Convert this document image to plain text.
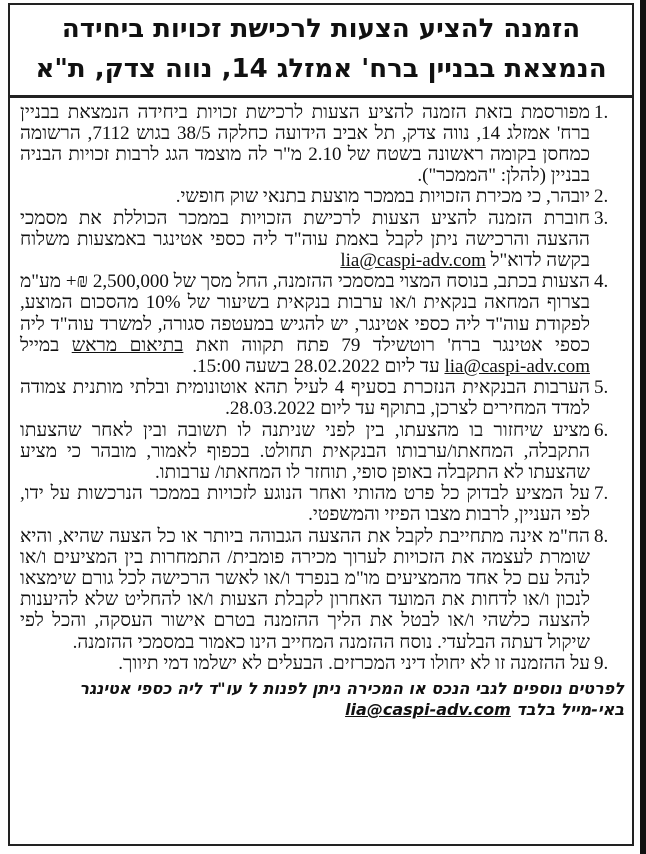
הזמנה להציע הצעות לרכישת זכויות ביחידה
הנמצאת בבניין ברח' אמזלג 14, נווה צדק, ת"א

1.
מפורסמת בזאת הזמנה להציע הצעות לרכישת זכויות ביחידה הנמצאת בבניין ברח' אמזלג 14, נווה צדק, תל אביב הידועה כחלקה 38/5 בגוש 7112, הרשומה כמחסן בקומה ראשונה בשטח של 2.10 מ"ר לה מוצמד הגג לרבות זכויות הבניה בבניין (להלן: "הממכר").

2.
יובהר, כי מכירת הזכויות בממכר מוצעת בתנאי שוק חופשי.

3.
חוברת הזמנה להציע הצעות לרכישת הזכויות בממכר הכוללת את מסמכי ההצעה והרכישה ניתן לקבל באמת עוה"ד ליה כספי אטינגר באמצעות משלוח בקשה לדוא"ל lia@caspi-adv.com

4.
הצעות בכתב, בנוסח המצוי במסמכי ההזמנה, החל מסך של 2,500,000 ₪+ מע"מ בצרוף המחאה בנקאית ו/או ערבות בנקאית בשיעור של 10% מהסכום המוצע, לפקודת עוה"ד ליה כספי אטינגר, יש להגיש במעטפה סגורה, למשרד עוה"ד ליה כספי אטינגר ברח' רוטשילד 79 פתח תקווה וזאת בתיאום מראש במייל lia@caspi-adv.com עד ליום 28.02.2022 בשעה 15:00.

5.
הערבות הבנקאית הנזכרת בסעיף 4 לעיל תהא אוטונומית ובלתי מותנית צמודה למדד המחירים לצרכן, בתוקף עד ליום 28.03.2022.

6.
מציע שיחזור בו מהצעתו, בין לפני שניתנה לו תשובה ובין לאחר שהצעתו התקבלה, המחאתו/ערבותו הבנקאית תחולט. בכפוף לאמור, מובהר כי מציע שהצעתו לא התקבלה באופן סופי, תוחזר לו המחאתו/ ערבותו.

7.
על המציע לבדוק כל פרט מהותי ואחר הנוגע לזכויות בממכר הנרכשות על ידו, לפי העניין, לרבות מצבו הפיזי והמשפטי.

8.
הח"מ אינה מתחייבת לקבל את ההצעה הגבוהה ביותר או כל הצעה שהיא, והיא שומרת לעצמה את הזכויות לערוך מכירה פומבית/ התמחרות בין המציעים ו/או לנהל עם כל אחד מהמציעים מו"מ בנפרד ו/או לאשר הרכישה לכל גורם שימצאו לנכון ו/או לדחות את המועד האחרון לקבלת הצעות ו/או להחליט שלא להיענות להצעה כלשהי ו/או לבטל את הליך ההזמנה בטרם אישור העסקה, והכל לפי שיקול דעתה הבלעדי. נוסח ההזמנה המחייב הינו כאמור במסמכי ההזמנה.

9.
על ההזמנה זו לא יחולו דיני המכרזים. הבעלים לא ישלמו דמי תיווך.

לפרטים נוספים לגבי הנכס או המכירה ניתן לפנות ל עו"ד ליה כספי אטינגר באי-מייל בלבד lia@caspi-adv.com
